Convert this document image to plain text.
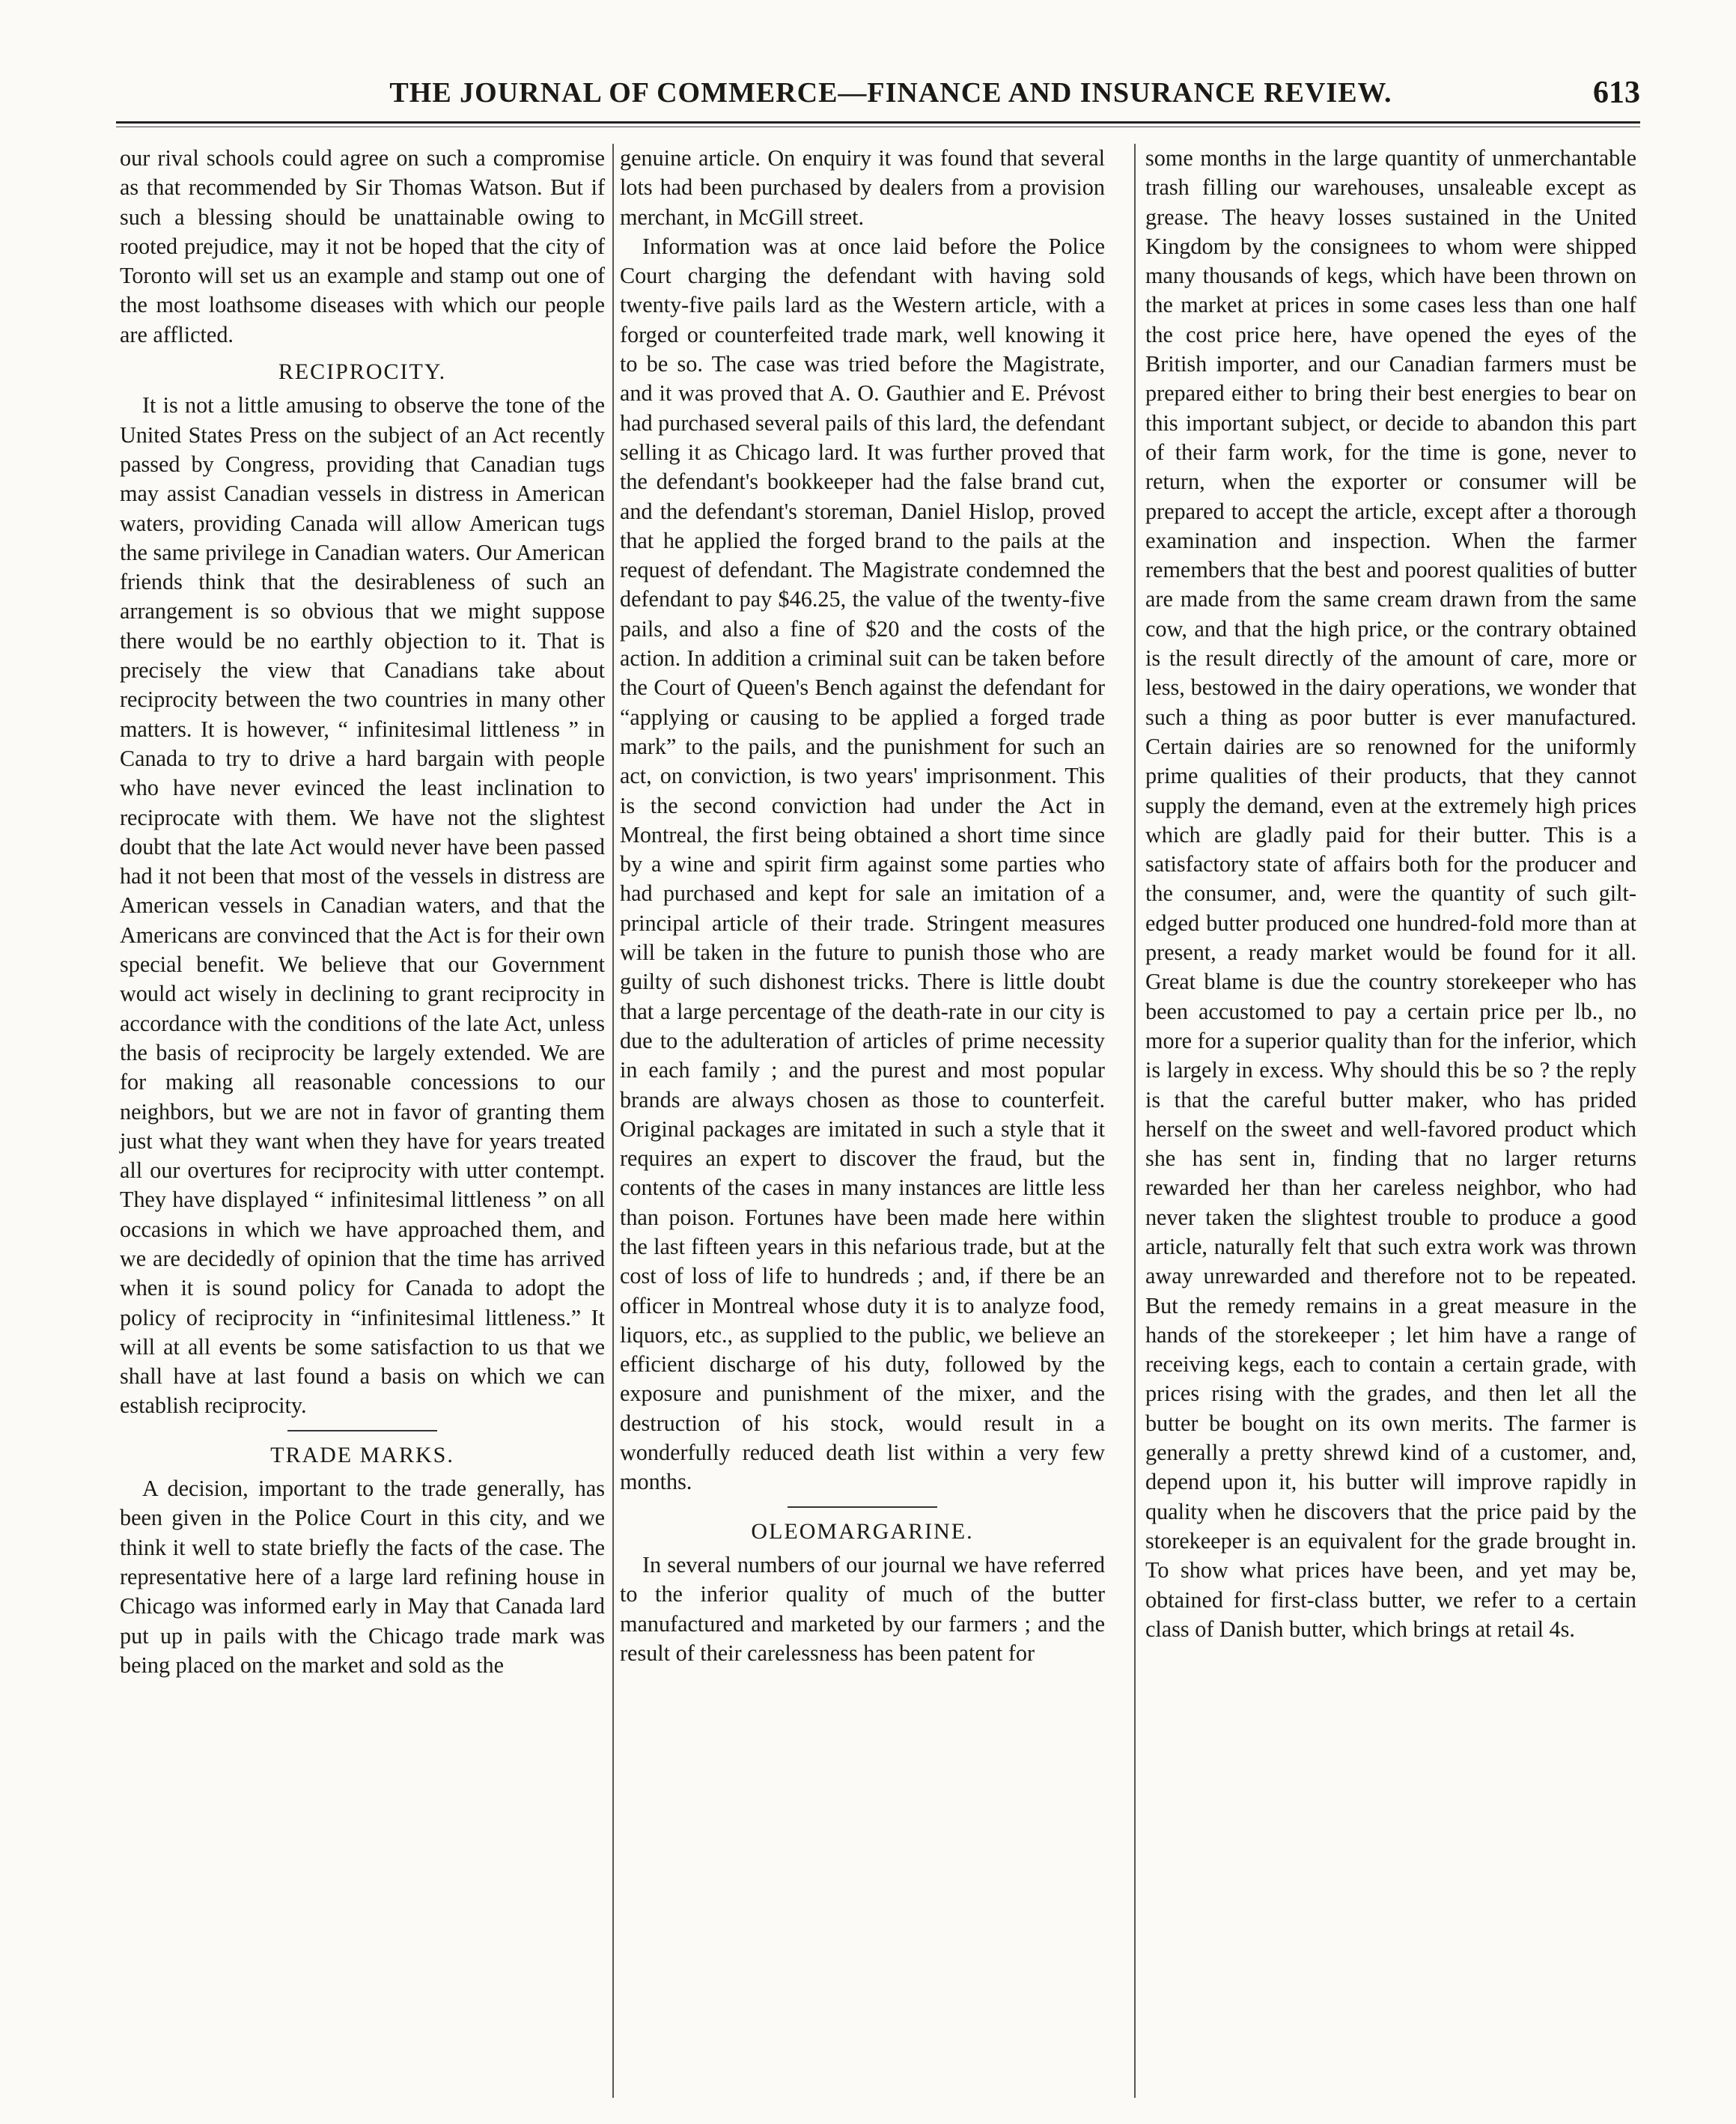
THE JOURNAL OF COMMERCE—FINANCE AND INSURANCE REVIEW.	613

our rival schools could agree on such a compromise as that recommended by Sir Thomas Watson. But if such a blessing should be unattainable owing to rooted prejudice, may it not be hoped that the city of Toronto will set us an example and stamp out one of the most loathsome diseases with which our people are afflicted.

RECIPROCITY.

It is not a little amusing to observe the tone of the United States Press on the subject of an Act recently passed by Congress, providing that Canadian tugs may assist Canadian vessels in distress in American waters, providing Canada will allow American tugs the same privilege in Canadian waters. Our American friends think that the desirableness of such an arrangement is so obvious that we might suppose there would be no earthly objection to it. That is precisely the view that Canadians take about reciprocity between the two countries in many other matters. It is however, “ infinitesimal littleness ” in Canada to try to drive a hard bargain with people who have never evinced the least inclination to reciprocate with them. We have not the slightest doubt that the late Act would never have been passed had it not been that most of the vessels in distress are American vessels in Canadian waters, and that the Americans are convinced that the Act is for their own special benefit. We believe that our Government would act wisely in declining to grant reciprocity in accordance with the conditions of the late Act, unless the basis of reciprocity be largely extended. We are for making all reasonable concessions to our neighbors, but we are not in favor of granting them just what they want when they have for years treated all our overtures for reciprocity with utter contempt. They have displayed “ infinitesimal littleness ” on all occasions in which we have approached them, and we are decidedly of opinion that the time has arrived when it is sound policy for Canada to adopt the policy of reciprocity in “infinitesimal littleness.” It will at all events be some satisfaction to us that we shall have at last found a basis on which we can establish reciprocity.

TRADE MARKS.

A decision, important to the trade generally, has been given in the Police Court in this city, and we think it well to state briefly the facts of the case. The representative here of a large lard refining house in Chicago was informed early in May that Canada lard put up in pails with the Chicago trade mark was being placed on the market and sold as the

genuine article. On enquiry it was found that several lots had been purchased by dealers from a provision merchant, in McGill street.

Information was at once laid before the Police Court charging the defendant with having sold twenty-five pails lard as the Western article, with a forged or counterfeited trade mark, well knowing it to be so. The case was tried before the Magistrate, and it was proved that A. O. Gauthier and E. Prévost had purchased several pails of this lard, the defendant selling it as Chicago lard. It was further proved that the defendant's bookkeeper had the false brand cut, and the defendant's storeman, Daniel Hislop, proved that he applied the forged brand to the pails at the request of defendant. The Magistrate condemned the defendant to pay $46.25, the value of the twenty-five pails, and also a fine of $20 and the costs of the action. In addition a criminal suit can be taken before the Court of Queen's Bench against the defendant for “applying or causing to be applied a forged trade mark” to the pails, and the punishment for such an act, on conviction, is two years' imprisonment. This is the second conviction had under the Act in Montreal, the first being obtained a short time since by a wine and spirit firm against some parties who had purchased and kept for sale an imitation of a principal article of their trade. Stringent measures will be taken in the future to punish those who are guilty of such dishonest tricks. There is little doubt that a large percentage of the death-rate in our city is due to the adulteration of articles of prime necessity in each family ; and the purest and most popular brands are always chosen as those to counterfeit. Original packages are imitated in such a style that it requires an expert to discover the fraud, but the contents of the cases in many instances are little less than poison. Fortunes have been made here within the last fifteen years in this nefarious trade, but at the cost of loss of life to hundreds ; and, if there be an officer in Montreal whose duty it is to analyze food, liquors, etc., as supplied to the public, we believe an efficient discharge of his duty, followed by the exposure and punishment of the mixer, and the destruction of his stock, would result in a wonderfully reduced death list within a very few months.

OLEOMARGARINE.

In several numbers of our journal we have referred to the inferior quality of much of the butter manufactured and marketed by our farmers ; and the result of their carelessness has been patent for

some months in the large quantity of unmerchantable trash filling our warehouses, unsaleable except as grease. The heavy losses sustained in the United Kingdom by the consignees to whom were shipped many thousands of kegs, which have been thrown on the market at prices in some cases less than one half the cost price here, have opened the eyes of the British importer, and our Canadian farmers must be prepared either to bring their best energies to bear on this important subject, or decide to abandon this part of their farm work, for the time is gone, never to return, when the exporter or consumer will be prepared to accept the article, except after a thorough examination and inspection. When the farmer remembers that the best and poorest qualities of butter are made from the same cream drawn from the same cow, and that the high price, or the contrary obtained is the result directly of the amount of care, more or less, bestowed in the dairy operations, we wonder that such a thing as poor butter is ever manufactured. Certain dairies are so renowned for the uniformly prime qualities of their products, that they cannot supply the demand, even at the extremely high prices which are gladly paid for their butter. This is a satisfactory state of affairs both for the producer and the consumer, and, were the quantity of such gilt-edged butter produced one hundred-fold more than at present, a ready market would be found for it all. Great blame is due the country storekeeper who has been accustomed to pay a certain price per lb., no more for a superior quality than for the inferior, which is largely in excess. Why should this be so ? the reply is that the careful butter maker, who has prided herself on the sweet and well-favored product which she has sent in, finding that no larger returns rewarded her than her careless neighbor, who had never taken the slightest trouble to produce a good article, naturally felt that such extra work was thrown away unrewarded and therefore not to be repeated. But the remedy remains in a great measure in the hands of the storekeeper ; let him have a range of receiving kegs, each to contain a certain grade, with prices rising with the grades, and then let all the butter be bought on its own merits. The farmer is generally a pretty shrewd kind of a customer, and, depend upon it, his butter will improve rapidly in quality when he discovers that the price paid by the storekeeper is an equivalent for the grade brought in. To show what prices have been, and yet may be, obtained for first-class butter, we refer to a certain class of Danish butter, which brings at retail 4s.
